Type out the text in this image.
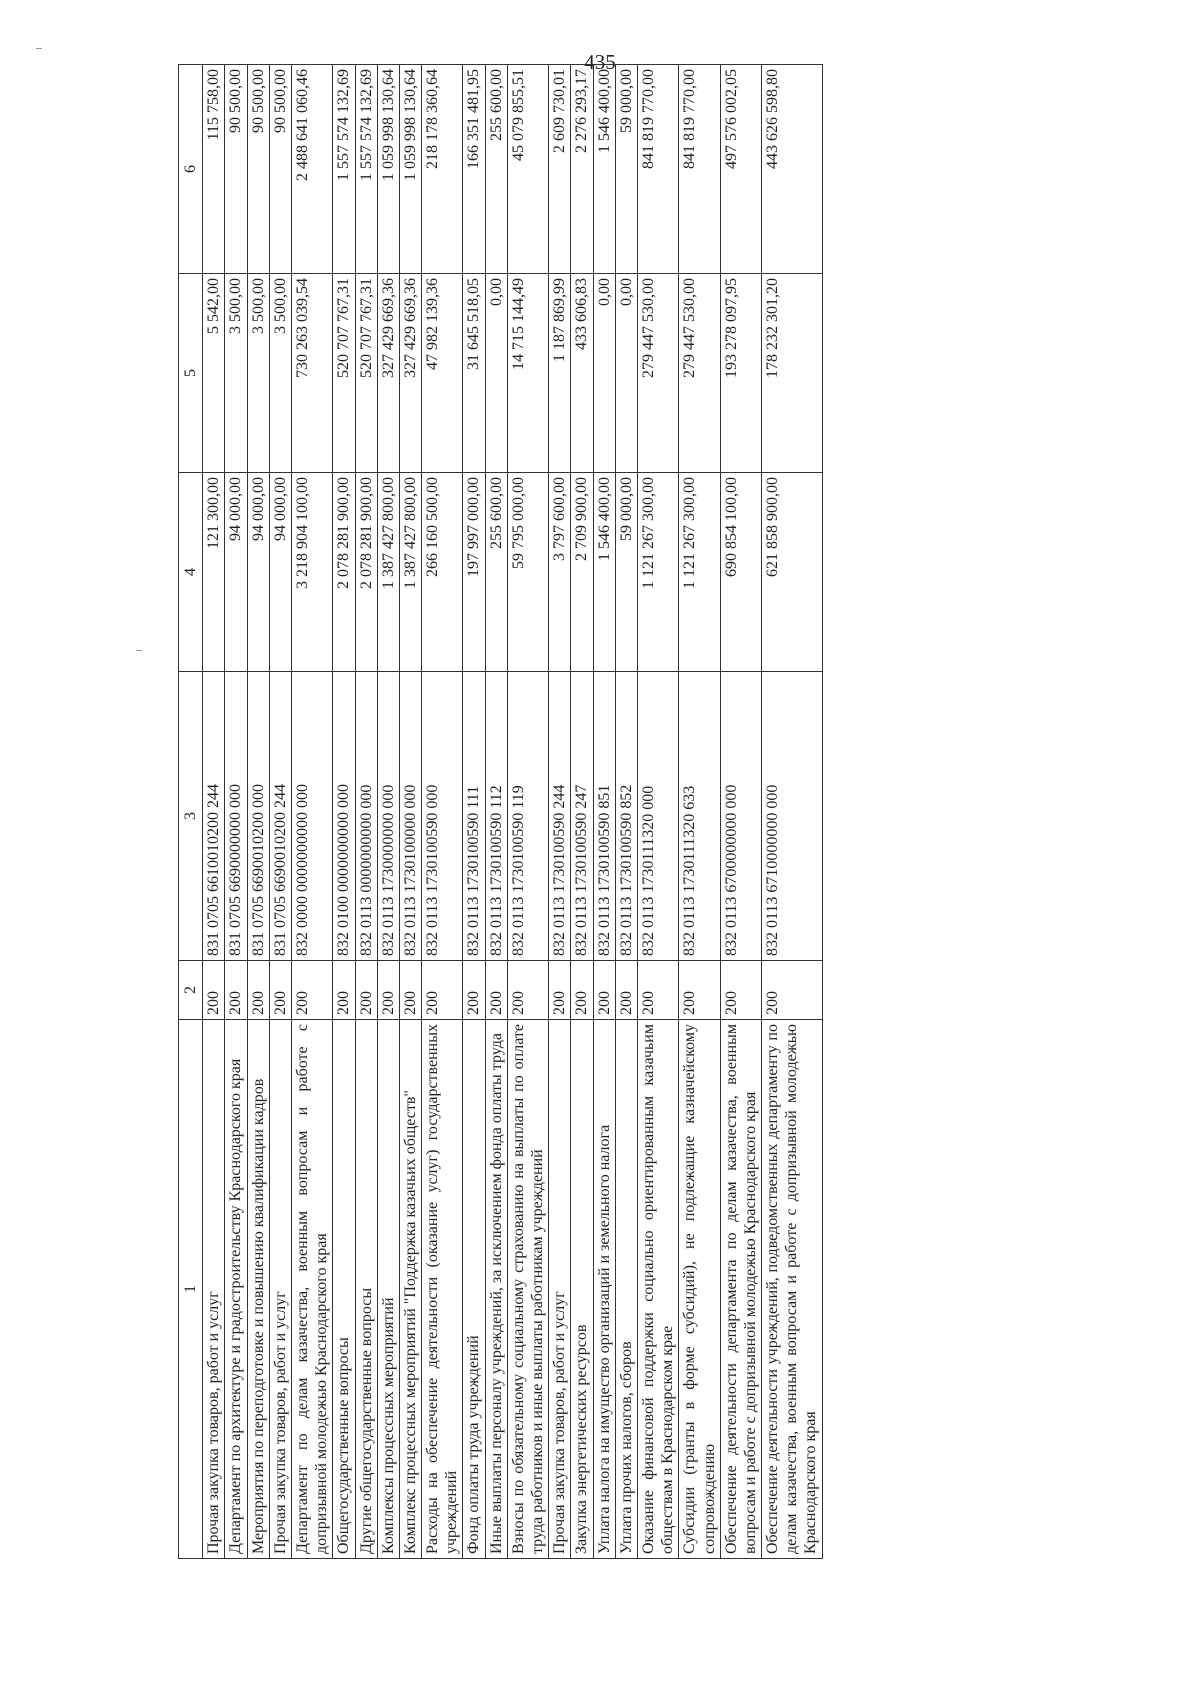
435
1	2	3	4	5	6
Прочая закупка товаров, работ и услуг	200	831 0705 6610010200 244	121 300,00	5 542,00	115 758,00
Департамент по архитектуре и градостроительству Краснодарского края	200	831 0705 6690000000 000	94 000,00	3 500,00	90 500,00
Мероприятия по переподготовке и повышению квалификации кадров	200	831 0705 6690010200 000	94 000,00	3 500,00	90 500,00
Прочая закупка товаров, работ и услуг	200	831 0705 6690010200 244	94 000,00	3 500,00	90 500,00
Департамент по делам казачества, военным вопросам и работе с допризывной молодежью Краснодарского края	200	832 0000 0000000000 000	3 218 904 100,00	730 263 039,54	2 488 641 060,46
Общегосударственные вопросы	200	832 0100 0000000000 000	2 078 281 900,00	520 707 767,31	1 557 574 132,69
Другие общегосударственные вопросы	200	832 0113 0000000000 000	2 078 281 900,00	520 707 767,31	1 557 574 132,69
Комплексы процессных мероприятий	200	832 0113 1730000000 000	1 387 427 800,00	327 429 669,36	1 059 998 130,64
Комплекс процессных мероприятий "Поддержка казачьих обществ"	200	832 0113 1730100000 000	1 387 427 800,00	327 429 669,36	1 059 998 130,64
Расходы на обеспечение деятельности (оказание услуг) государственных учреждений	200	832 0113 1730100590 000	266 160 500,00	47 982 139,36	218 178 360,64
Фонд оплаты труда учреждений	200	832 0113 1730100590 111	197 997 000,00	31 645 518,05	166 351 481,95
Иные выплаты персоналу учреждений, за исключением фонда оплаты труда	200	832 0113 1730100590 112	255 600,00	0,00	255 600,00
Взносы по обязательному социальному страхованию на выплаты по оплате труда работников и иные выплаты работникам учреждений	200	832 0113 1730100590 119	59 795 000,00	14 715 144,49	45 079 855,51
Прочая закупка товаров, работ и услуг	200	832 0113 1730100590 244	3 797 600,00	1 187 869,99	2 609 730,01
Закупка энергетических ресурсов	200	832 0113 1730100590 247	2 709 900,00	433 606,83	2 276 293,17
Уплата налога на имущество организаций и земельного налога	200	832 0113 1730100590 851	1 546 400,00	0,00	1 546 400,00
Уплата прочих налогов, сборов	200	832 0113 1730100590 852	59 000,00	0,00	59 000,00
Оказание финансовой поддержки социально ориентированным казачьим обществам в Краснодарском крае	200	832 0113 1730111320 000	1 121 267 300,00	279 447 530,00	841 819 770,00
Субсидии (гранты в форме субсидий), не подлежащие казначейскому сопровождению	200	832 0113 1730111320 633	1 121 267 300,00	279 447 530,00	841 819 770,00
Обеспечение деятельности департамента по делам казачества, военным вопросам и работе с допризывной молодежью Краснодарского края	200	832 0113 6700000000 000	690 854 100,00	193 278 097,95	497 576 002,05
Обеспечение деятельности учреждений, подведомственных департаменту по делам казачества, военным вопросам и работе с допризывной молодежью Краснодарского края	200	832 0113 6710000000 000	621 858 900,00	178 232 301,20	443 626 598,80
